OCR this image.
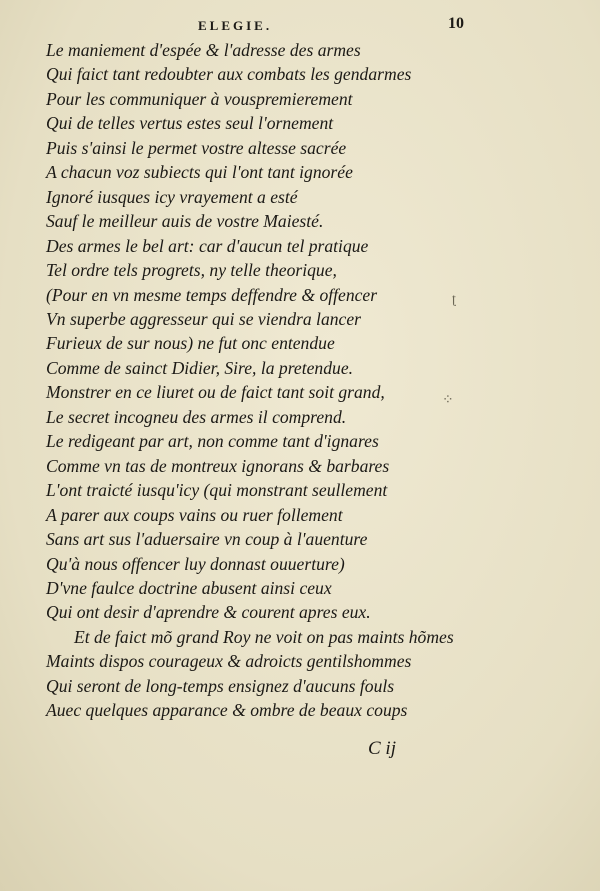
ELEGIE.	10
Le maniement d'espée & l'adresse des armes
Qui faict tant redoubter aux combats les gendarmes
Pour les communiquer à vouspremierement
Qui de telles vertus estes seul l'ornement
Puis s'ainsi le permet vostre altesse sacrée
A chacun voz subiects qui l'ont tant ignorée
Ignoré iusques icy vrayement a esté
Sauf le meilleur auis de vostre Maiesté.
Des armes le bel art: car d'aucun tel pratique
Tel ordre tels progrets, ny telle theorique,
(Pour en vn mesme temps deffendre & offencer
Vn superbe aggresseur qui se viendra lancer
Furieux de sur nous) ne fut onc entendue
Comme de sainct Didier, Sire, la pretendue.
Monstrer en ce liuret ou de faict tant soit grand,
Le secret incogneu des armes il comprend.
Le redigeant par art, non comme tant d'ignares
Comme vn tas de montreux ignorans & barbares
L'ont traicté iusqu'icy (qui monstrant seullement
A parer aux coups vains ou ruer follement
Sans art sus l'aduersaire vn coup à l'auenture
Qu'à nous offencer luy donnast ouuerture)
D'vne faulce doctrine abusent ainsi ceux
Qui ont desir d'aprendre & courent apres eux.
Et de faict mõ grand Roy ne voit on pas maints hõmes
Maints dispos courageux & adroicts gentilshommes
Qui seront de long-temps ensignez d'aucuns fouls
Auec quelques apparance & ombre de beaux coups
ʈ
⁘
C ij
